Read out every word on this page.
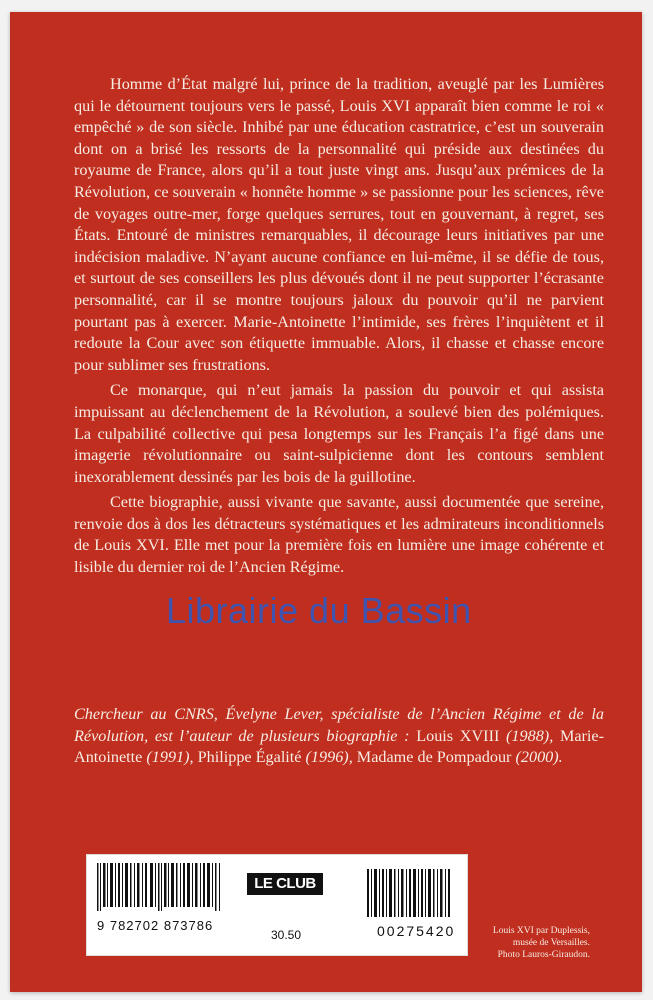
Homme d’État malgré lui, prince de la tradition, aveuglé par les Lumières qui le détournent toujours vers le passé, Louis XVI apparaît bien comme le roi « empêché » de son siècle. Inhibé par une éducation castratrice, c’est un souverain dont on a brisé les ressorts de la personnalité qui préside aux destinées du royaume de France, alors qu’il a tout juste vingt ans. Jusqu’aux prémices de la Révolution, ce souverain « honnête homme » se passionne pour les sciences, rêve de voyages outre-mer, forge quelques serrures, tout en gouvernant, à regret, ses États. Entouré de ministres remarquables, il décourage leurs initiatives par une indécision maladive. N’ayant aucune confiance en lui-même, il se défie de tous, et surtout de ses conseillers les plus dévoués dont il ne peut supporter l’écrasante personnalité, car il se montre toujours jaloux du pouvoir qu’il ne parvient pourtant pas à exercer. Marie-Antoinette l’intimide, ses frères l’inquiètent et il redoute la Cour avec son étiquette immuable. Alors, il chasse et chasse encore pour sublimer ses frustrations.

Ce monarque, qui n’eut jamais la passion du pouvoir et qui assista impuissant au déclenchement de la Révolution, a soulevé bien des polémiques. La culpabilité collective qui pesa longtemps sur les Français l’a figé dans une imagerie révolutionnaire ou saint-sulpicienne dont les contours semblent inexorablement dessinés par les bois de la guillotine.

Cette biographie, aussi vivante que savante, aussi documentée que sereine, renvoie dos à dos les détracteurs systématiques et les admirateurs inconditionnels de Louis XVI. Elle met pour la première fois en lumière une image cohérente et lisible du dernier roi de l’Ancien Régime.

Chercheur au CNRS, Évelyne Lever, spécialiste de l’Ancien Régime et de la Révolution, est l’auteur de plusieurs biographie : Louis XVIII (1988), Marie-Antoinette (1991), Philippe Égalité (1996), Madame de Pompadour (2000).
LE CLUB
9 782702 873786
30.50	00275420	Louis XVI par Duplessis,
musée de Versailles.
Photo Lauros-Giraudon.
Librairie du Bassin
